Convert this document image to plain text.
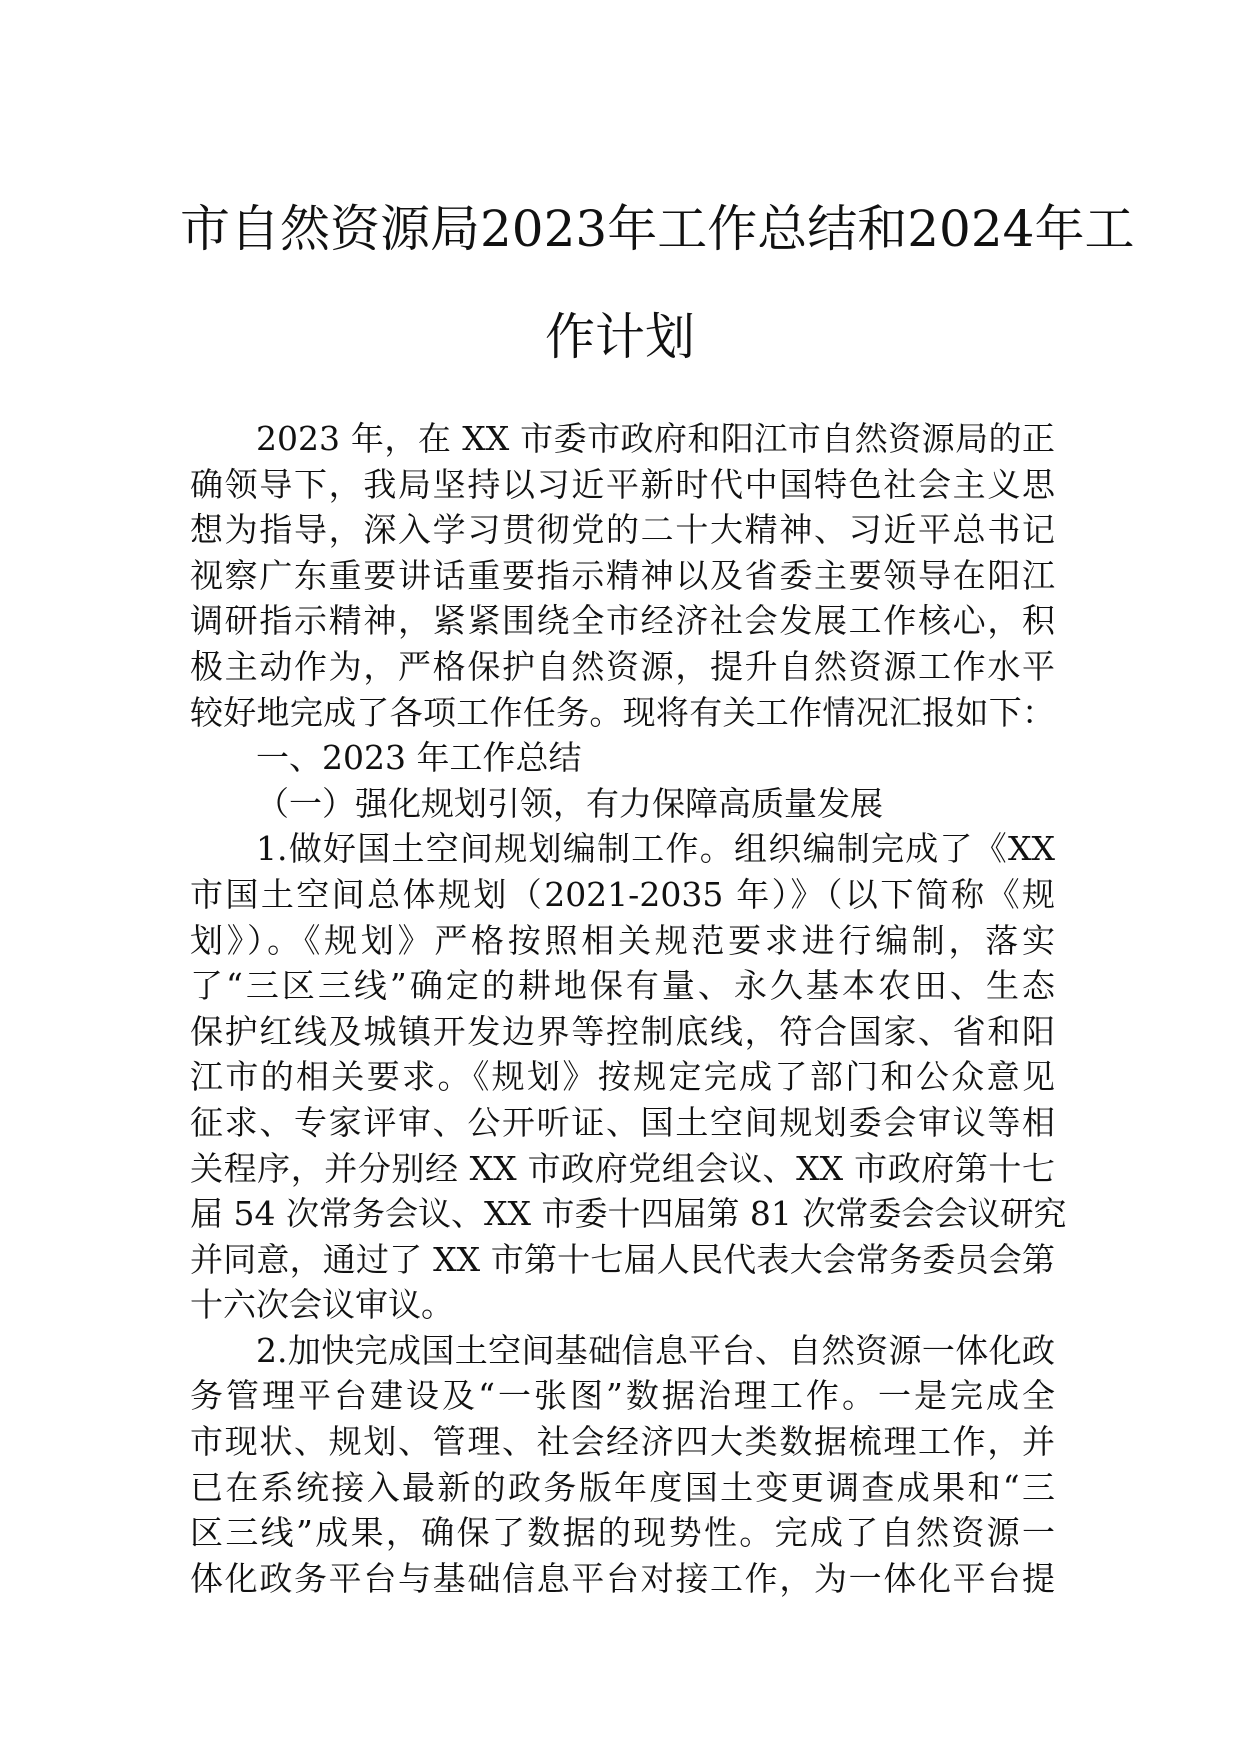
市自然资源局2023年工作总结和2024年工
作计划
2023 年，在 XX 市委市政府和阳江市自然资源局的正
确领导下，我局坚持以习近平新时代中国特色社会主义思
想为指导，深入学习贯彻党的二十大精神、习近平总书记
视察广东重要讲话重要指示精神以及省委主要领导在阳江
调研指示精神，紧紧围绕全市经济社会发展工作核心，积
极主动作为，严格保护自然资源，提升自然资源工作水平
较好地完成了各项工作任务。现将有关工作情况汇报如下：
一、2023 年工作总结
（一）强化规划引领，有力保障高质量发展
1.做好国土空间规划编制工作。组织编制完成了《XX
市国土空间总体规划（2021-2035 年）》（以下简称《规
划》）。《规划》严格按照相关规范要求进行编制，落实
了“三区三线”确定的耕地保有量、永久基本农田、生态
保护红线及城镇开发边界等控制底线，符合国家、省和阳
江市的相关要求。《规划》按规定完成了部门和公众意见
征求、专家评审、公开听证、国土空间规划委会审议等相
关程序，并分别经 XX 市政府党组会议、XX 市政府第十七
届 54 次常务会议、XX 市委十四届第 81 次常委会会议研究
并同意，通过了 XX 市第十七届人民代表大会常务委员会第
十六次会议审议。
2.加快完成国土空间基础信息平台、自然资源一体化政
务管理平台建设及“一张图”数据治理工作。一是完成全
市现状、规划、管理、社会经济四大类数据梳理工作，并
已在系统接入最新的政务版年度国土变更调查成果和“三
区三线”成果，确保了数据的现势性。完成了自然资源一
体化政务平台与基础信息平台对接工作，为一体化平台提
